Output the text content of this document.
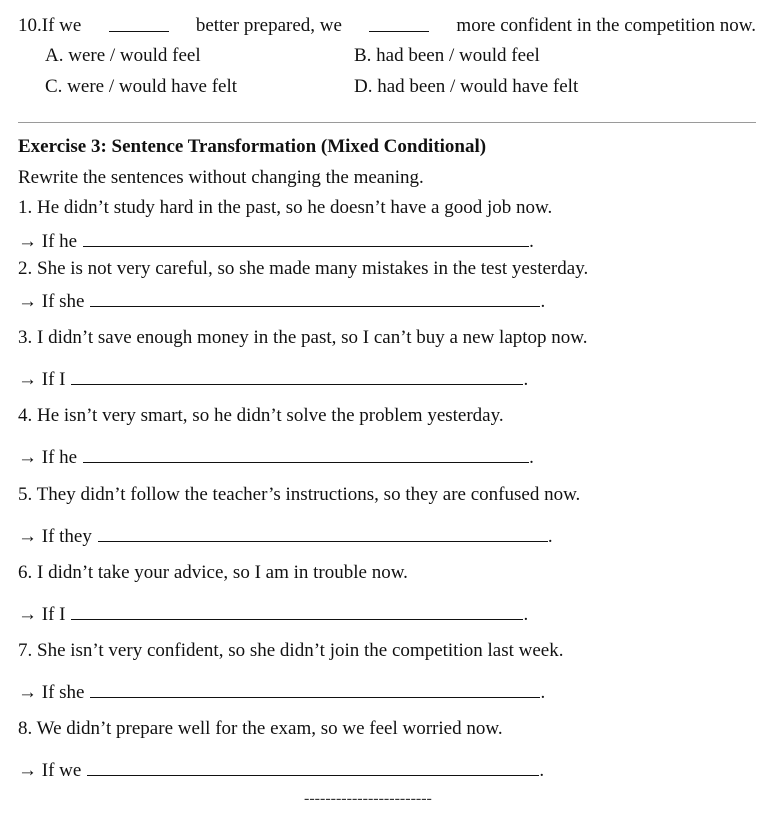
10.If we	better prepared, we	more confident in the competition now.
A. were / would feel	B. had been / would feel
C. were / would have felt	D. had been / would have felt
Exercise 3: Sentence Transformation (Mixed Conditional)
Rewrite the sentences without changing the meaning.
1. He didn’t study hard in the past, so he doesn’t have a good job now.
→ If he	.
2. She is not very careful, so she made many mistakes in the test yesterday.
→ If she	.
3. I didn’t save enough money in the past, so I can’t buy a new laptop now.
→ If I	.
4. He isn’t very smart, so he didn’t solve the problem yesterday.
→ If he	.
5. They didn’t follow the teacher’s instructions, so they are confused now.
→ If they	.
6. I didn’t take your advice, so I am in trouble now.
→ If I	.
7. She isn’t very confident, so she didn’t join the competition last week.
→ If she	.
8. We didn’t prepare well for the exam, so we feel worried now.
→ If we	.
------------------------
